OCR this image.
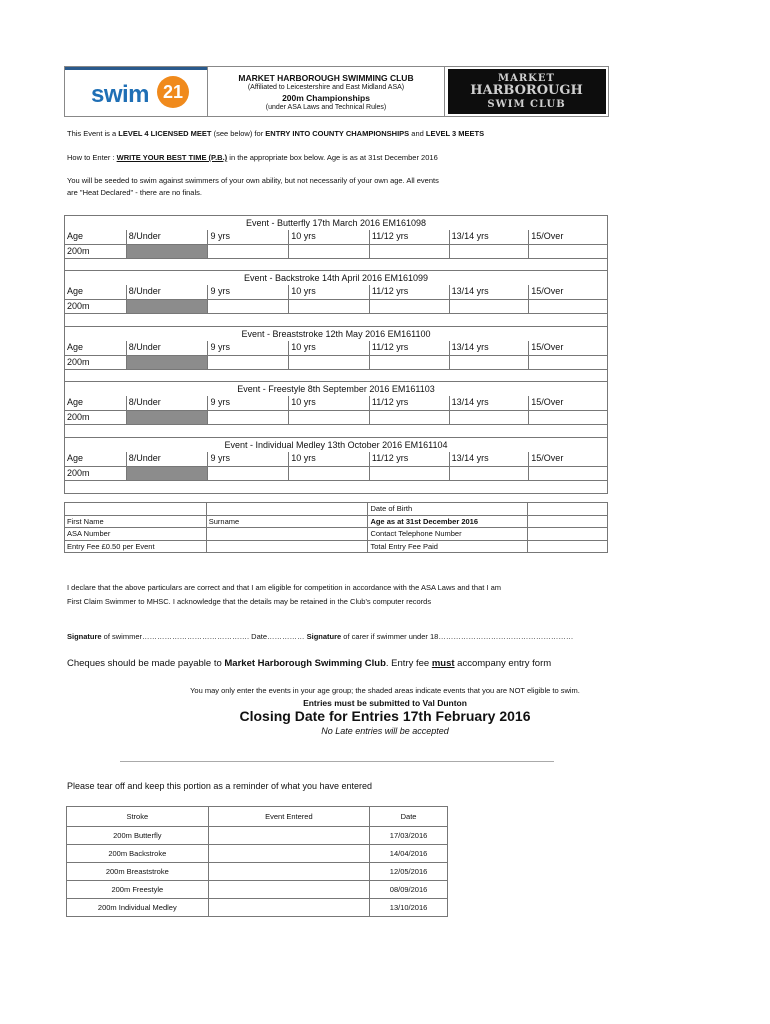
swim 21
MARKET HARBOROUGH SWIMMING CLUB
(Affiliated to Leicestershire and East Midland ASA)
200m Championships
(under ASA Laws and Technical Rules)
MARKET
HARBOROUGH
SWIM CLUB
This Event is a LEVEL 4 LICENSED MEET (see below) for ENTRY INTO COUNTY CHAMPIONSHIPS and LEVEL 3 MEETS
How to Enter : WRITE YOUR BEST TIME (P.B.) in the appropriate box below. Age is as at 31st December 2016
You will be seeded to swim against swimmers of your own ability, but not necessarily of your own age. All events
are "Heat Declared" - there are no finals.
Event - Butterfly 17th March 2016 EM161098
Age	8/Under	9 yrs	10 yrs	11/12 yrs	13/14 yrs	15/Over
200m
Event - Backstroke 14th April 2016 EM161099
Age	8/Under	9 yrs	10 yrs	11/12 yrs	13/14 yrs	15/Over
200m
Event - Breaststroke 12th May 2016 EM161100
Age	8/Under	9 yrs	10 yrs	11/12 yrs	13/14 yrs	15/Over
200m
Event - Freestyle 8th September 2016 EM161103
Age	8/Under	9 yrs	10 yrs	11/12 yrs	13/14 yrs	15/Over
200m
Event - Individual Medley 13th October 2016 EM161104
Age	8/Under	9 yrs	10 yrs	11/12 yrs	13/14 yrs	15/Over
200m
		Date of Birth	
First Name	Surname	Age as at 31st December 2016	
ASA Number		Contact Telephone Number	
Entry Fee £0.50 per Event		Total Entry Fee Paid	
I declare that the above particulars are correct and that I am eligible for competition in accordance with the ASA Laws and that I am
First Claim Swimmer to MHSC. I acknowledge that the details may be retained in the Club's computer records
Signature of swimmer……………………………………. Date…………… Signature of carer if swimmer under 18………………………………………………
Cheques should be made payable to Market Harborough Swimming Club. Entry fee must accompany entry form
You may only enter the events in your age group; the shaded areas indicate events that you are NOT eligible to swim.
Entries must be submitted to Val Dunton
Closing Date for Entries 17th February 2016
No Late entries will be accepted
Please tear off and keep this portion as a reminder of what you have entered
Stroke	Event Entered	Date
200m Butterfly		17/03/2016
200m Backstroke		14/04/2016
200m Breaststroke		12/05/2016
200m Freestyle		08/09/2016
200m Individual Medley		13/10/2016
